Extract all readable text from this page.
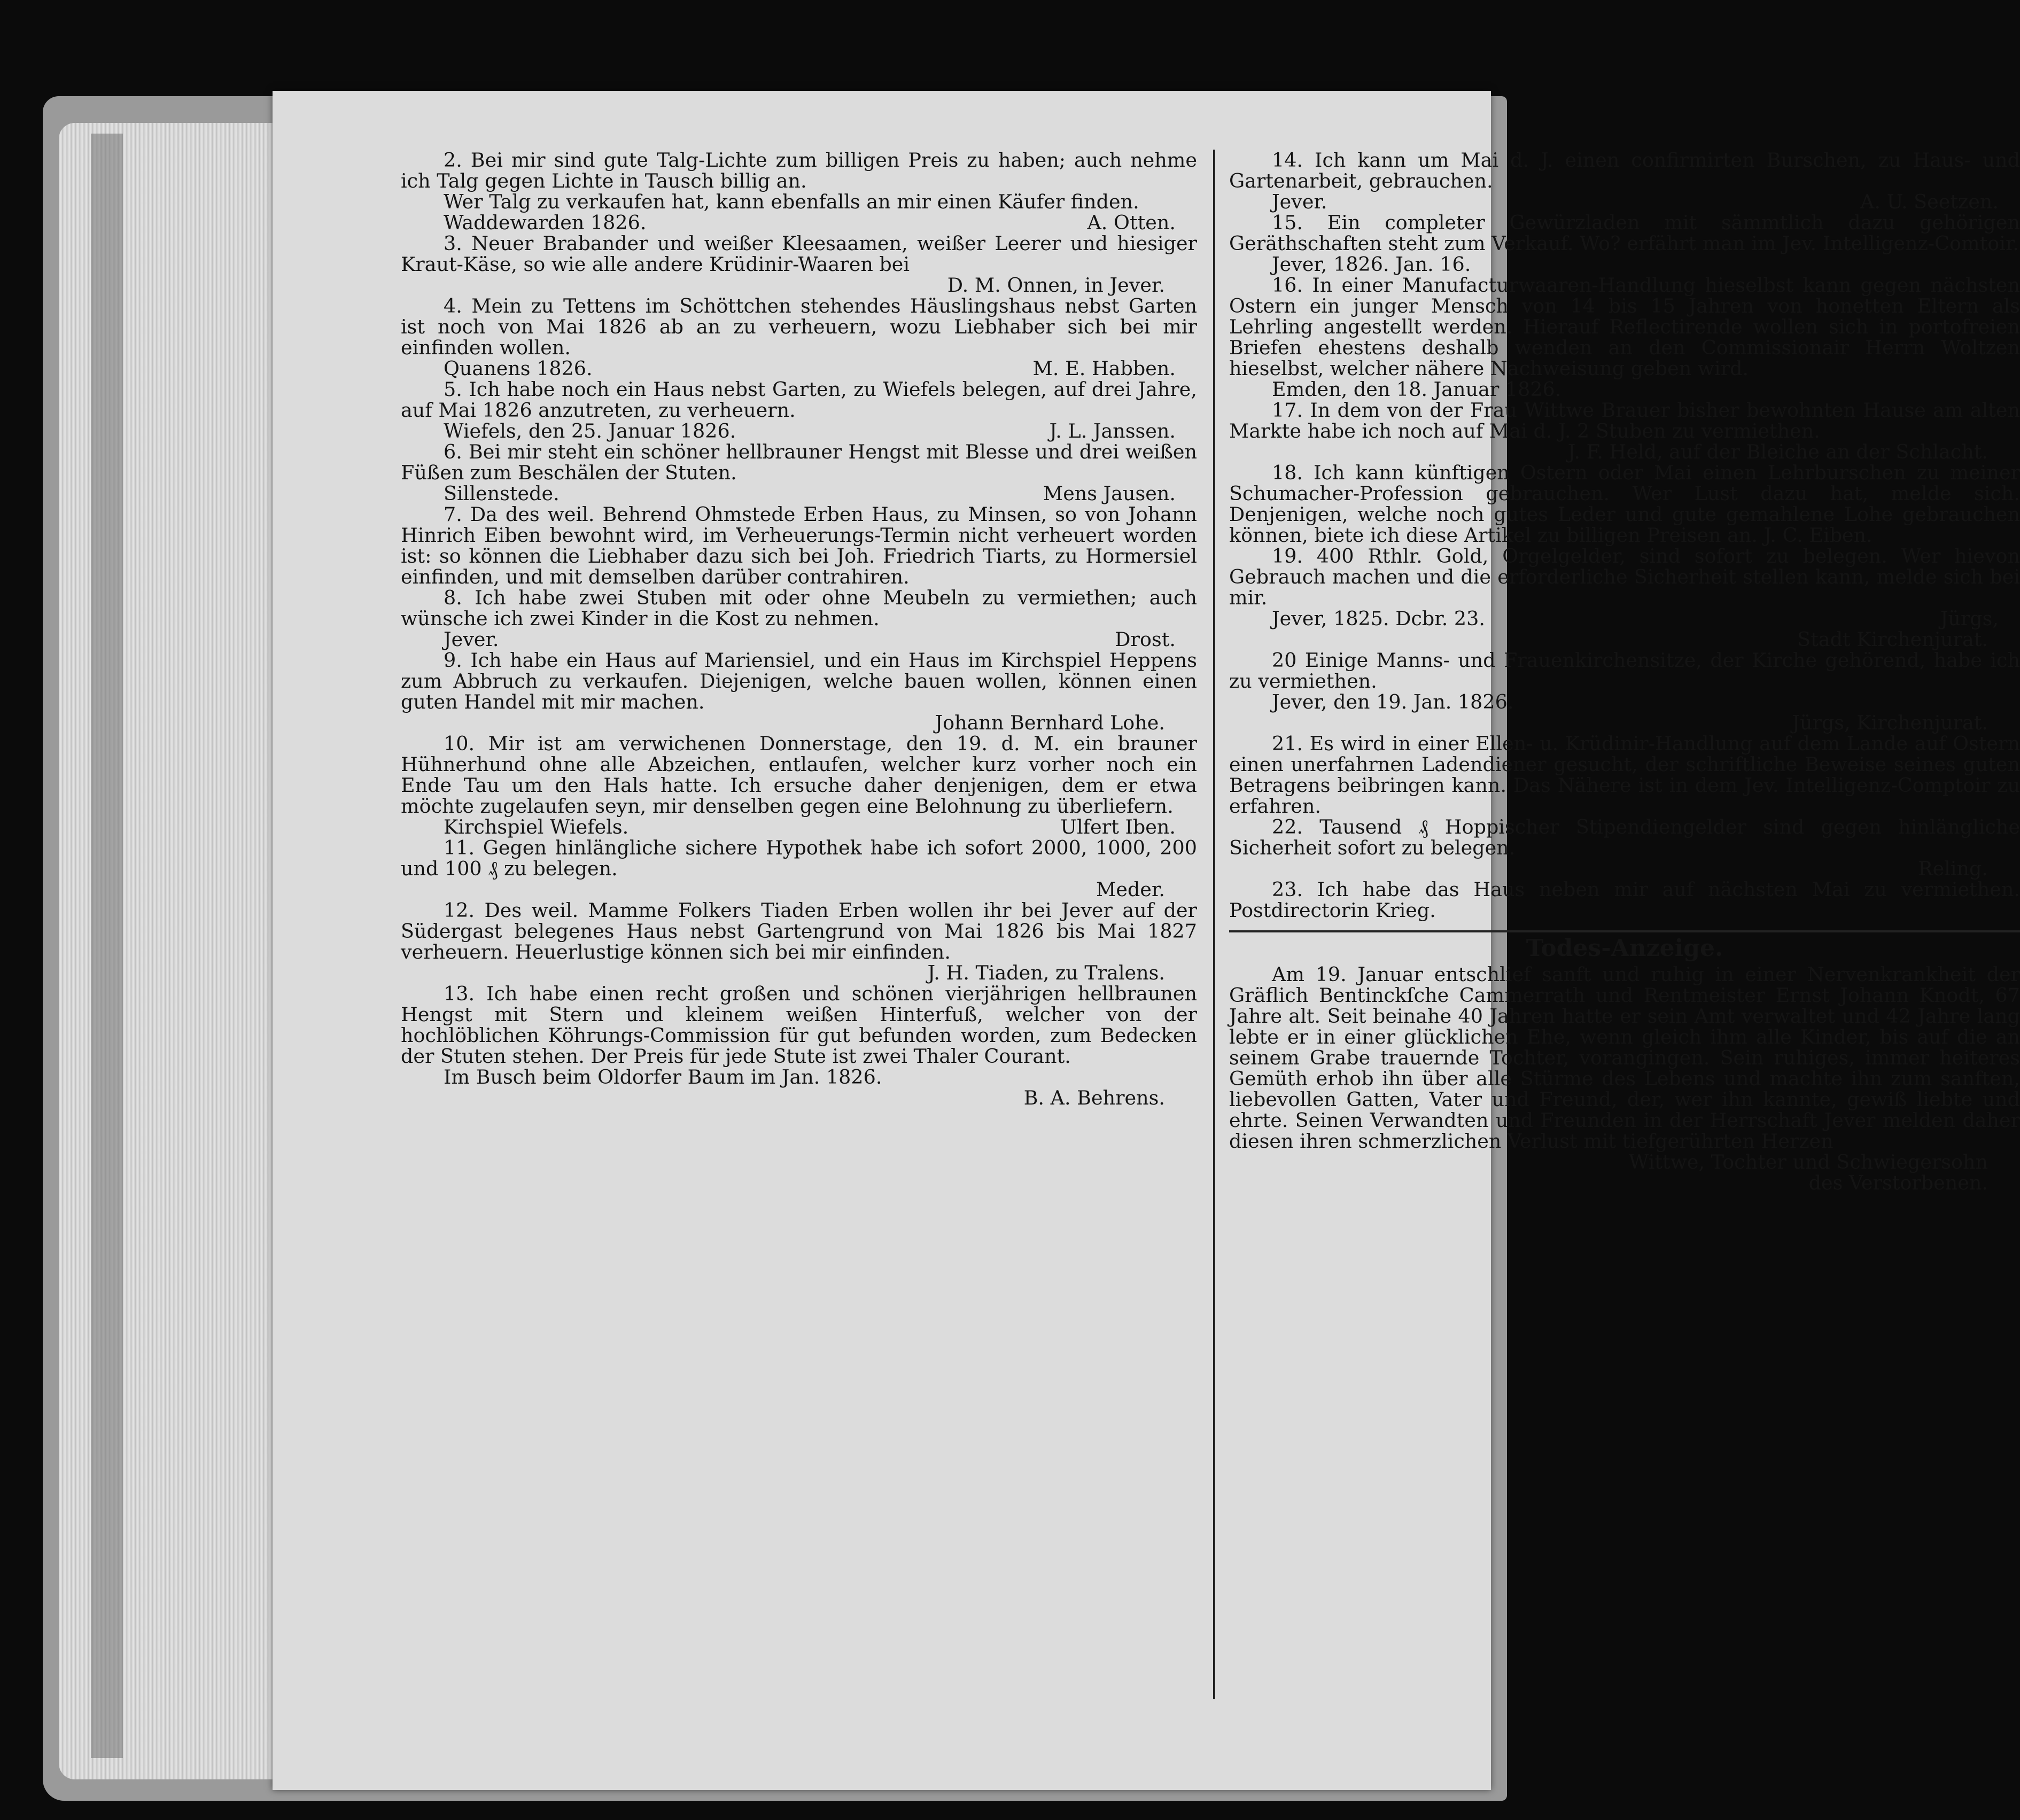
2. Bei mir sind gute Talg-Lichte zum billigen Preis zu haben; auch nehme ich Talg gegen Lichte in Tausch billig an.

Wer Talg zu verkaufen hat, kann ebenfalls an mir einen Käufer finden.

Waddewarden 1826.	A. Otten.

3. Neuer Brabander und weißer Kleesaamen, weißer Leerer und hiesiger Kraut-Käse, so wie alle andere Krüdinir-Waaren bei

D. M. Onnen, in Jever.

4. Mein zu Tettens im Schöttchen stehendes Häuslingshaus nebst Garten ist noch von Mai 1826 ab an zu verheuern, wozu Liebhaber sich bei mir einfinden wollen.

Quanens 1826.	M. E. Habben.

5. Ich habe noch ein Haus nebst Garten, zu Wiefels belegen, auf drei Jahre, auf Mai 1826 anzutreten, zu verheuern.

Wiefels, den 25. Januar 1826.	J. L. Janssen.

6. Bei mir steht ein schöner hellbrauner Hengst mit Blesse und drei weißen Füßen zum Beschälen der Stuten.

Sillenstede.	Mens Jausen.

7. Da des weil. Behrend Ohmstede Erben Haus, zu Minsen, so von Johann Hinrich Eiben bewohnt wird, im Verheuerungs-Termin nicht verheuert worden ist: so können die Liebhaber dazu sich bei Joh. Friedrich Tiarts, zu Hormersiel einfinden, und mit demselben darüber contrahiren.

8. Ich habe zwei Stuben mit oder ohne Meubeln zu vermiethen; auch wünsche ich zwei Kinder in die Kost zu nehmen.

Jever.	Drost.

9. Ich habe ein Haus auf Mariensiel, und ein Haus im Kirchspiel Heppens zum Abbruch zu verkaufen. Diejenigen, welche bauen wollen, können einen guten Handel mit mir machen.

Johann Bernhard Lohe.

10. Mir ist am verwichenen Donnerstage, den 19. d. M. ein brauner Hühnerhund ohne alle Abzeichen, entlaufen, welcher kurz vorher noch ein Ende Tau um den Hals hatte. Ich ersuche daher denjenigen, dem er etwa möchte zugelaufen seyn, mir denselben gegen eine Belohnung zu überliefern.

Kirchspiel Wiefels.	Ulfert Iben.

11. Gegen hinlängliche sichere Hypothek habe ich sofort 2000, 1000, 200 und 100 ₰ zu belegen.

Meder.

12. Des weil. Mamme Folkers Tiaden Erben wollen ihr bei Jever auf der Südergast belegenes Haus nebst Gartengrund von Mai 1826 bis Mai 1827 verheuern. Heuerlustige können sich bei mir einfinden.

J. H. Tiaden, zu Tralens.

13. Ich habe einen recht großen und schönen vierjährigen hellbraunen Hengst mit Stern und kleinem weißen Hinterfuß, welcher von der hochlöblichen Köhrungs-Commission für gut befunden worden, zum Bedecken der Stuten stehen. Der Preis für jede Stute ist zwei Thaler Courant.

Im Busch beim Oldorfer Baum im Jan. 1826.
B. A. Behrens.

14. Ich kann um Mai d. J. einen confirmirten Burschen, zu Haus- und Gartenarbeit, gebrauchen.

Jever.	A. U. Seetzen.

15. Ein completer Gewürzladen mit sämmtlich dazu gehörigen Geräthschaften steht zum Verkauf. Wo? erfährt man im Jev. Intelligenz-Comtoir.

Jever, 1826. Jan. 16.

16. In einer Manufacturwaaren-Handlung hieselbst kann gegen nächsten Ostern ein junger Mensch von 14 bis 15 Jahren von honetten Eltern als Lehrling angestellt werden. Hierauf Reflectirende wollen sich in portofreien Briefen ehestens deshalb wenden an den Commissionair Herrn Woltzen hieselbst, welcher nähere Nachweisung geben wird.

Emden, den 18. Januar 1826.

17. In dem von der Frau Wittwe Brauer bisher bewohnten Hause am alten Markte habe ich noch auf Mai d. J. 2 Stuben zu vermiethen.

J. F. Held, auf der Bleiche an der Schlacht.

18. Ich kann künftigen Ostern oder Mai einen Lehrburschen zu meiner Schumacher-Profession gebrauchen. Wer Lust dazu hat, melde sich. Denjenigen, welche noch gutes Leder und gute gemahlene Lohe gebrauchen können, biete ich diese Artikel zu billigen Preisen an. J. C. Eiben.

19. 400 Rthlr. Gold, Orgelgelder, sind sofort zu belegen. Wer hievon Gebrauch machen und die erforderliche Sicherheit stellen kann, melde sich bei mir.

Jever, 1825. Dcbr. 23.	Jürgs,
Stadt Kirchenjurat.

20 Einige Manns- und Frauenkirchensitze, der Kirche gehörend, habe ich zu vermiethen.

Jever, den 19. Jan. 1826.
Jürgs, Kirchenjurat.

21. Es wird in einer Ellen- u. Krüdinir-Handlung auf dem Lande auf Ostern einen unerfahrnen Ladendiener gesucht, der schriftliche Beweise seines guten Betragens beibringen kann. Das Nähere ist in dem Jev. Intelligenz-Comptoir zu erfahren.

22. Tausend ₰ Hoppischer Stipendiengelder sind gegen hinlängliche Sicherheit sofort zu belegen.

Reling.

23. Ich habe das Haus neben mir auf nächsten Mai zu vermiethen. Postdirectorin Krieg.

Todes-Anzeige.

Am 19. Januar entschlief sanft und ruhig in einer Nervenkrankheit der Gräflich Bentinckſche Cammerrath und Rentmeister Ernst Johann Knodt, 67 Jahre alt. Seit beinahe 40 Jahren hatte er sein Amt verwaltet und 42 Jahre lang lebte er in einer glücklichen Ehe, wenn gleich ihm alle Kinder, bis auf die an seinem Grabe trauernde Tochter, vorangingen. Sein ruhiges, immer heiteres Gemüth erhob ihn über alle Stürme des Lebens und machte ihn zum sanften, liebevollen Gatten, Vater und Freund, der, wer ihn kannte, gewiß liebte und ehrte. Seinen Verwandten und Freunden in der Herrschaft Jever melden daher diesen ihren schmerzlichen Verlust mit tiefgerührten Herzen

Wittwe, Tochter und Schwiegersohn
des Verstorbenen.
